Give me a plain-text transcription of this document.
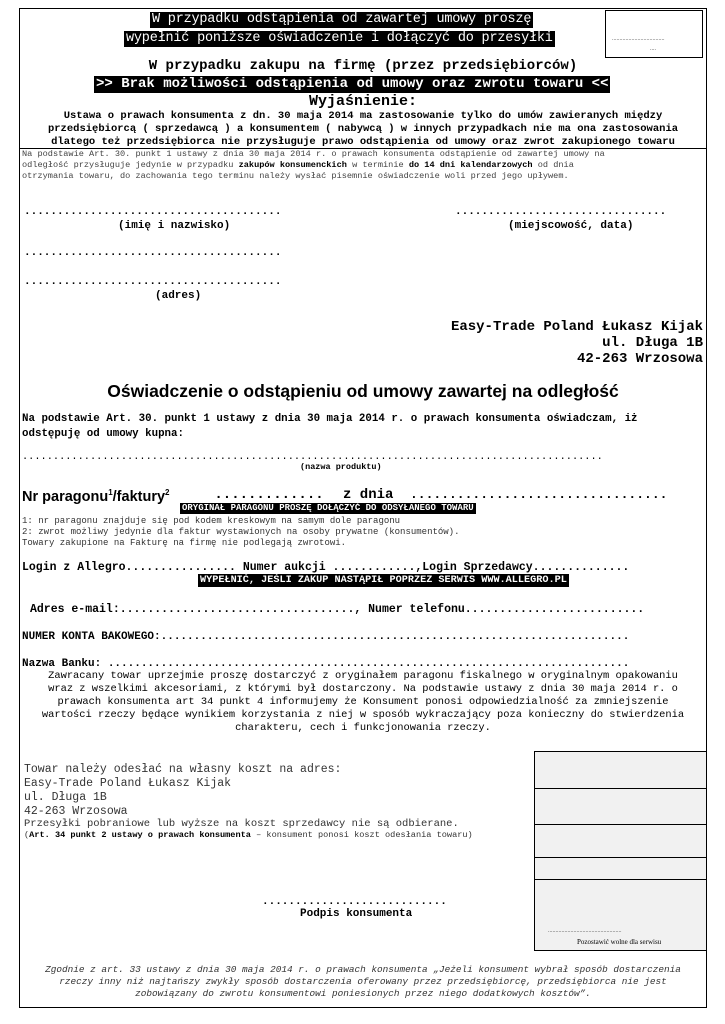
W przypadku odstąpienia od zawartej umowy proszę
wypełnić poniższe oświadczenie i dołączyć do przesyłki	...................................
....
W przypadku zakupu na firmę (przez przedsiębiorców)
>> Brak możliwości odstąpienia od umowy oraz zwrotu towaru <<
Wyjaśnienie:
Ustawa o prawach konsumenta z dn. 30 maja 2014 ma zastosowanie tylko do umów zawieranych między
przedsiębiorcą ( sprzedawcą ) a konsumentem ( nabywcą ) w innych przypadkach nie ma ona zastosowania
dlatego też przedsiębiorca nie przysługuje prawo odstąpienia od umowy oraz zwrot zakupionego towaru
Na podstawie Art. 30. punkt 1 ustawy z dnia 30 maja 2014 r. o prawach konsumenta odstąpienie od zawartej umowy na
odległość przysługuje jedynie w przypadku zakupów konsumenckich w terminie do 14 dni kalendarzowych od dnia
otrzymania towaru, do zachowania tego terminu należy wysłać pisemnie oświadczenie woli przed jego upływem.
.......................................	................................
(imię i nazwisko)	(miejscowość, data)
.......................................
.......................................
(adres)
Easy-Trade Poland Łukasz Kijak
ul. Długa 1B
42-263 Wrzosowa
Oświadczenie o odstąpieniu od umowy zawartej na odległość
Na podstawie Art. 30. punkt 1 ustawy z dnia 30 maja 2014 r. o prawach konsumenta oświadczam, iż
odstępuję od umowy kupna:
..............................................................................................
(nazwa produktu)
Nr paragonu$^1$/faktury$^2$	............. z dnia .................................
ORYGINAŁ PARAGONU PROSZĘ DOŁĄCZYĆ DO ODSYŁANEGO TOWARU
1: nr paragonu znajduje się pod kodem kreskowym na samym dole paragonu
2: zwrot możliwy jedynie dla faktur wystawionych na osoby prywatne (konsumentów).
Towary zakupione na Fakturę na firmę nie podlegają zwrotowi.
Login z Allegro................ Numer aukcji ............,Login Sprzedawcy..............
WYPEŁNIĆ, JEŚLI ZAKUP NASTĄPIŁ POPRZEZ SERWIS WWW.ALLEGRO.PL
Adres e-mail:.................................., Numer telefonu..........................
NUMER KONTA BAKOWEGO:.......................................................................
Nazwa Banku: ...............................................................................
Zawracany towar uprzejmie proszę dostarczyć z oryginałem paragonu fiskalnego w oryginalnym opakowaniu
wraz z wszelkimi akcesoriami, z którymi był dostarczony. Na podstawie ustawy z dnia 30 maja 2014 r. o
prawach konsumenta art 34 punkt 4 informujemy że Konsument ponosi odpowiedzialność za zmniejszenie
wartości rzeczy będące wynikiem korzystania z niej w sposób wykraczający poza konieczny do stwierdzenia
charakteru, cech i funkcjonowania rzeczy.
Towar należy odesłać na własny koszt na adres:
Easy-Trade Poland Łukasz Kijak
ul. Długa 1B
42-263 Wrzosowa
Przesyłki pobraniowe lub wyższe na koszt sprzedawcy nie są odbierane.
(Art. 34 punkt 2 ustawy o prawach konsumenta – konsument ponosi koszt odesłania towaru)
............................
Podpis konsumenta
.................................................
Pozostawić wolne dla serwisu
Zgodnie z art. 33 ustawy z dnia 30 maja 2014 r. o prawach konsumenta „Jeżeli konsument wybrał sposób dostarczenia
rzeczy inny niż najtańszy zwykły sposób dostarczenia oferowany przez przedsiębiorcę, przedsiębiorca nie jest
zobowiązany do zwrotu konsumentowi poniesionych przez niego dodatkowych kosztów”.
